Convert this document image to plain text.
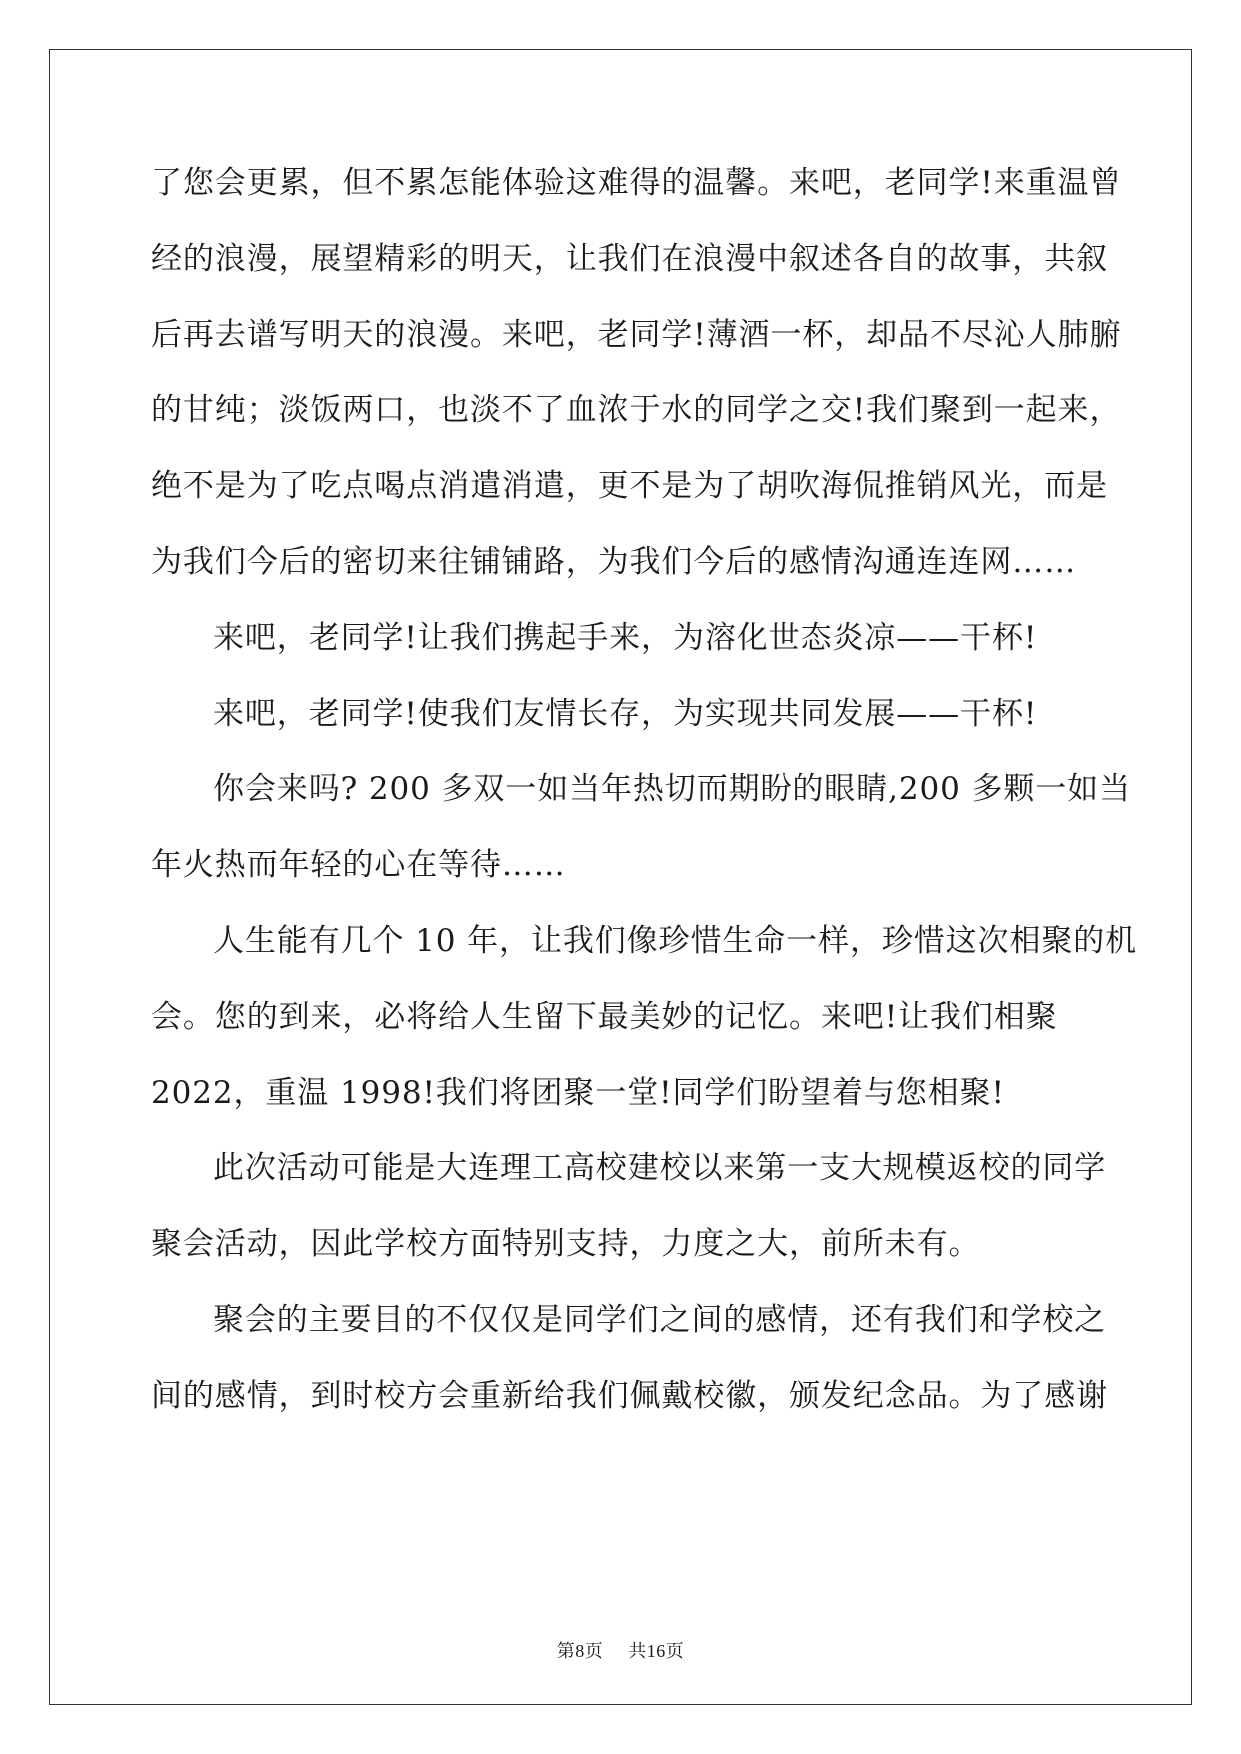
了您会更累，但不累怎能体验这难得的温馨。来吧，老同学!来重温曾
经的浪漫，展望精彩的明天，让我们在浪漫中叙述各自的故事，共叙
后再去谱写明天的浪漫。来吧，老同学!薄酒一杯，却品不尽沁人肺腑
的甘纯；淡饭两口，也淡不了血浓于水的同学之交!我们聚到一起来，
绝不是为了吃点喝点消遣消遣，更不是为了胡吹海侃推销风光，而是
为我们今后的密切来往铺铺路，为我们今后的感情沟通连连网……
来吧，老同学!让我们携起手来，为溶化世态炎凉——干杯!
来吧，老同学!使我们友情长存，为实现共同发展——干杯!
你会来吗? 200 多双一如当年热切而期盼的眼睛,200 多颗一如当
年火热而年轻的心在等待……
人生能有几个 10 年，让我们像珍惜生命一样，珍惜这次相聚的机
会。您的到来，必将给人生留下最美妙的记忆。来吧!让我们相聚
2022，重温 1998!我们将团聚一堂!同学们盼望着与您相聚!
此次活动可能是大连理工高校建校以来第一支大规模返校的同学
聚会活动，因此学校方面特别支持，力度之大，前所未有。
聚会的主要目的不仅仅是同学们之间的感情，还有我们和学校之
间的感情，到时校方会重新给我们佩戴校徽，颁发纪念品。为了感谢
第8页 共16页
